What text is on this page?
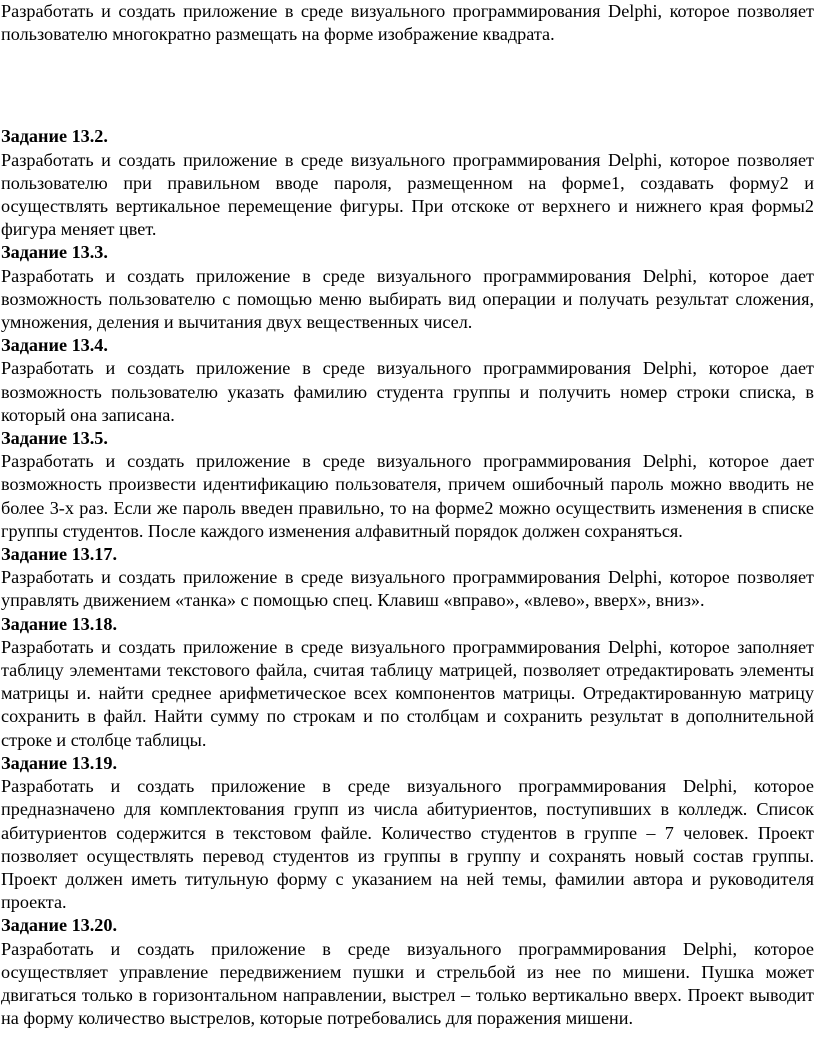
Разработать и создать приложение в среде визуального программирования Delphi, которое позволяет пользователю многократно размещать на форме изображение квадрата.

Задание 13.2.

Разработать и создать приложение в среде визуального программирования Delphi, которое позволяет пользователю при правильном вводе пароля, размещенном на форме1, создавать форму2 и осуществлять вертикальное перемещение фигуры. При отскоке от верхнего и нижнего края формы2 фигура меняет цвет.

Задание 13.3.

Разработать и создать приложение в среде визуального программирования Delphi, которое дает возможность пользователю с помощью меню выбирать вид операции и получать результат сложения, умножения, деления и вычитания двух вещественных чисел.

Задание 13.4.

Разработать и создать приложение в среде визуального программирования Delphi, которое дает возможность пользователю указать фамилию студента группы и получить номер строки списка, в который она записана.

Задание 13.5.

Разработать и создать приложение в среде визуального программирования Delphi, которое дает возможность произвести идентификацию пользователя, причем ошибочный пароль можно вводить не более 3-х раз. Если же пароль введен правильно, то на форме2 можно осуществить изменения в списке группы студентов. После каждого изменения алфавитный порядок должен сохраняться.

Задание 13.17.

Разработать и создать приложение в среде визуального программирования Delphi, которое позволяет управлять движением «танка» с помощью спец. Клавиш «вправо», «влево», вверх», вниз».

Задание 13.18.

Разработать и создать приложение в среде визуального программирования Delphi, которое заполняет таблицу элементами текстового файла, считая таблицу матрицей, позволяет отредактировать элементы матрицы и. найти среднее арифметическое всех компонентов матрицы. Отредактированную матрицу сохранить в файл. Найти сумму по строкам и по столбцам и сохранить результат в дополнительной строке и столбце таблицы.

Задание 13.19.

Разработать и создать приложение в среде визуального программирования Delphi, которое предназначено для комплектования групп из числа абитуриентов, поступивших в колледж. Список абитуриентов содержится в текстовом файле. Количество студентов в группе – 7 человек. Проект позволяет осуществлять перевод студентов из группы в группу и сохранять новый состав группы. Проект должен иметь титульную форму с указанием на ней темы, фамилии автора и руководителя проекта.

Задание 13.20.

Разработать и создать приложение в среде визуального программирования Delphi, которое осуществляет управление передвижением пушки и стрельбой из нее по мишени. Пушка может двигаться только в горизонтальном направлении, выстрел – только вертикально вверх. Проект выводит на форму количество выстрелов, которые потребовались для поражения мишени.
